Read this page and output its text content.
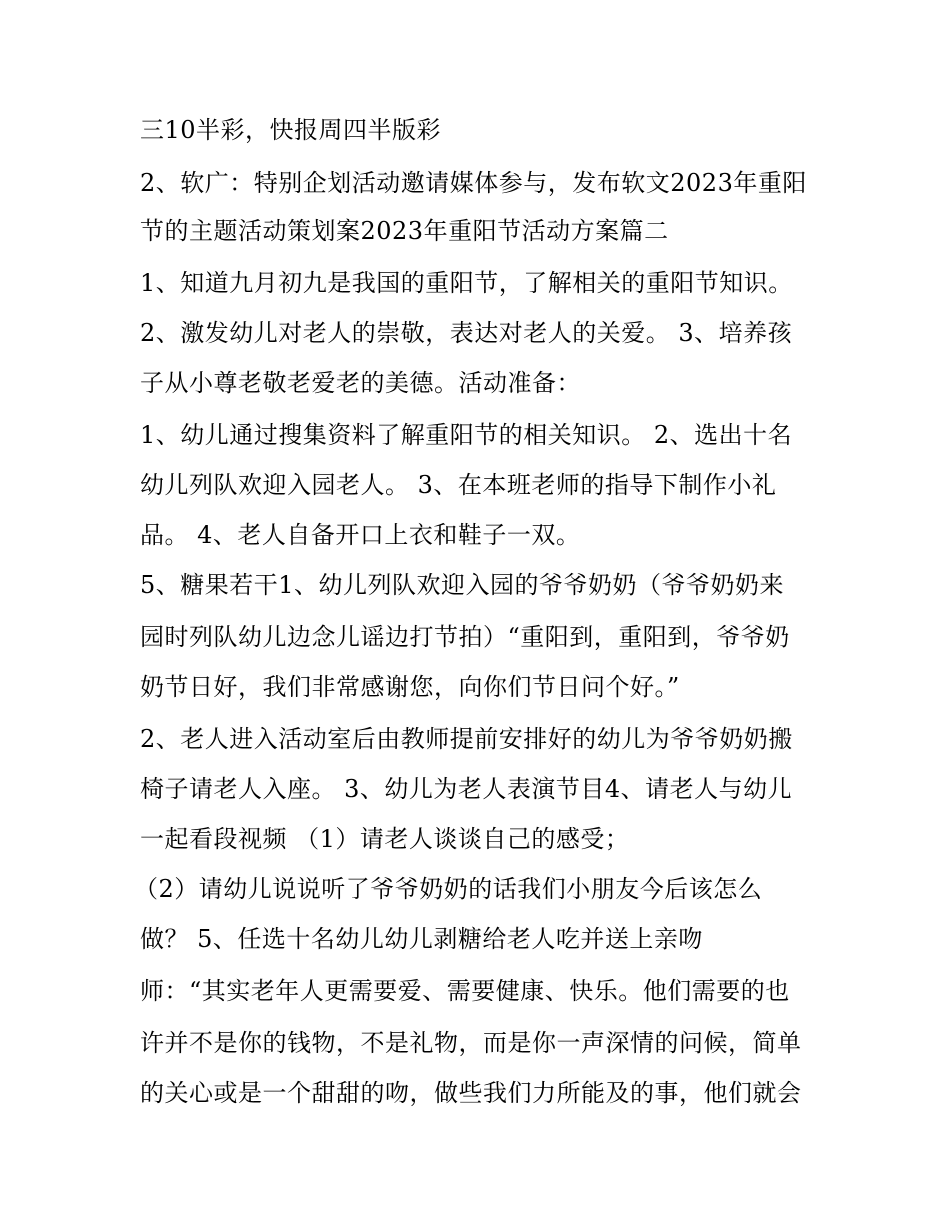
三10半彩，快报周四半版彩

2、软广：特别企划活动邀请媒体参与，发布软文2023年重阳

节的主题活动策划案2023年重阳节活动方案篇二

1、知道九月初九是我国的重阳节，了解相关的重阳节知识。

2、激发幼儿对老人的崇敬，表达对老人的关爱。 3、培养孩

子从小尊老敬老爱老的美德。活动准备：

1、幼儿通过搜集资料了解重阳节的相关知识。 2、选出十名

幼儿列队欢迎入园老人。 3、在本班老师的指导下制作小礼

品。 4、老人自备开口上衣和鞋子一双。

5、糖果若干1、幼儿列队欢迎入园的爷爷奶奶（爷爷奶奶来

园时列队幼儿边念儿谣边打节拍）“重阳到，重阳到，爷爷奶

奶节日好，我们非常感谢您，向你们节日问个好。”

2、老人进入活动室后由教师提前安排好的幼儿为爷爷奶奶搬

椅子请老人入座。 3、幼儿为老人表演节目4、请老人与幼儿

一起看段视频 （1）请老人谈谈自己的感受；

（2）请幼儿说说听了爷爷奶奶的话我们小朋友今后该怎么

做？ 5、任选十名幼儿幼儿剥糖给老人吃并送上亲吻

师：“其实老年人更需要爱、需要健康、快乐。他们需要的也

许并不是你的钱物，不是礼物，而是你一声深情的问候，简单

的关心或是一个甜甜的吻，做些我们力所能及的事，他们就会
